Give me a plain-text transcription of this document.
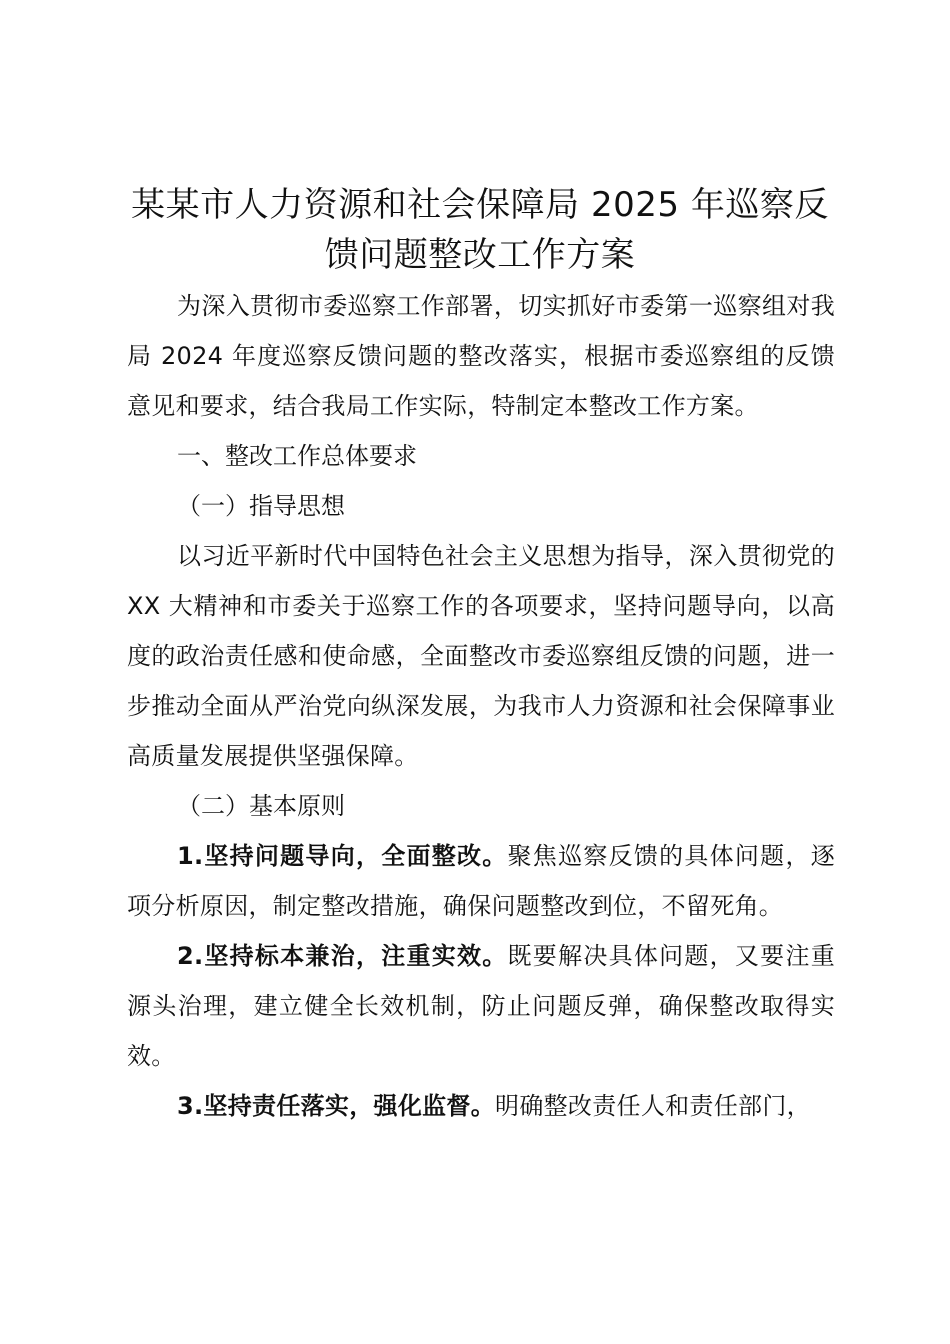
某某市人力资源和社会保障局 2025 年巡察反
馈问题整改工作方案

为深入贯彻市委巡察工作部署，切实抓好市委第一巡察组对我局 2024 年度巡察反馈问题的整改落实，根据市委巡察组的反馈意见和要求，结合我局工作实际，特制定本整改工作方案。

一、整改工作总体要求

（一）指导思想

以习近平新时代中国特色社会主义思想为指导，深入贯彻党的 XX 大精神和市委关于巡察工作的各项要求，坚持问题导向，以高度的政治责任感和使命感，全面整改市委巡察组反馈的问题，进一步推动全面从严治党向纵深发展，为我市人力资源和社会保障事业高质量发展提供坚强保障。

（二）基本原则

1.坚持问题导向，全面整改。聚焦巡察反馈的具体问题，逐项分析原因，制定整改措施，确保问题整改到位，不留死角。

2.坚持标本兼治，注重实效。既要解决具体问题，又要注重源头治理，建立健全长效机制，防止问题反弹，确保整改取得实效。

3.坚持责任落实，强化监督。明确整改责任人和责任部门，
